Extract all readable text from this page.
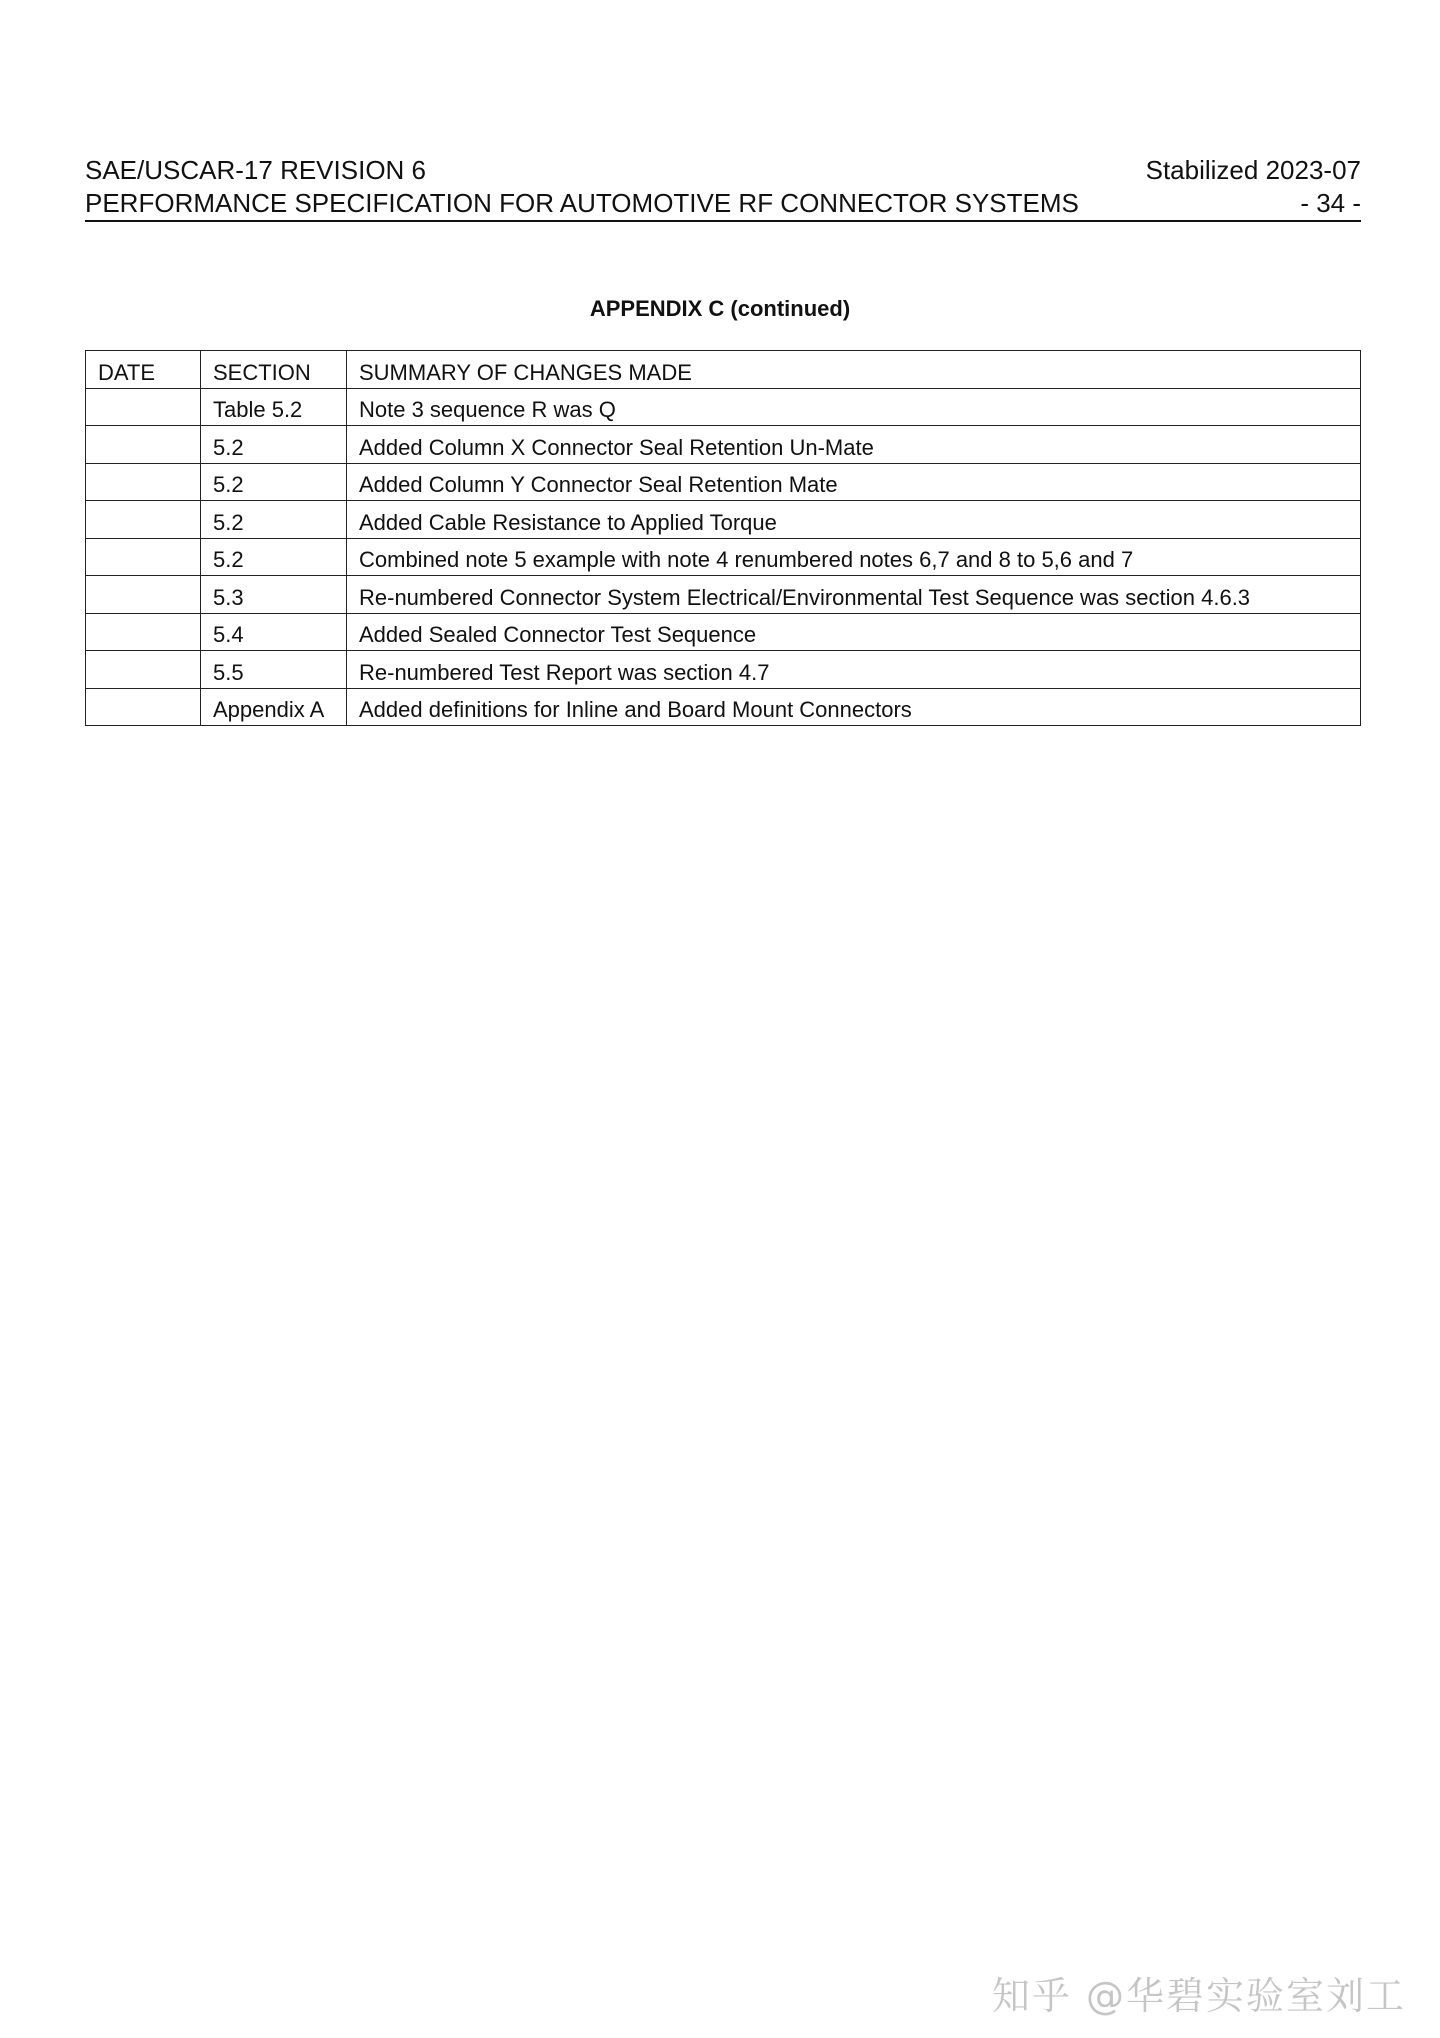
SAE/USCAR-17 REVISION 6	Stabilized 2023-07
PERFORMANCE SPECIFICATION FOR AUTOMOTIVE RF CONNECTOR SYSTEMS	- 34 -
APPENDIX C (continued)
DATE	SECTION	SUMMARY OF CHANGES MADE
	Table 5.2	Note 3 sequence R was Q
	5.2	Added Column X Connector Seal Retention Un-Mate
	5.2	Added Column Y Connector Seal Retention Mate
	5.2	Added Cable Resistance to Applied Torque
	5.2	Combined note 5 example with note 4 renumbered notes 6,7 and 8 to 5,6 and 7
	5.3	Re-numbered Connector System Electrical/Environmental Test Sequence was section 4.6.3
	5.4	Added Sealed Connector Test Sequence
	5.5	Re-numbered Test Report was section 4.7
	Appendix A	Added definitions for Inline and Board Mount Connectors
知乎 @华碧实验室刘工
